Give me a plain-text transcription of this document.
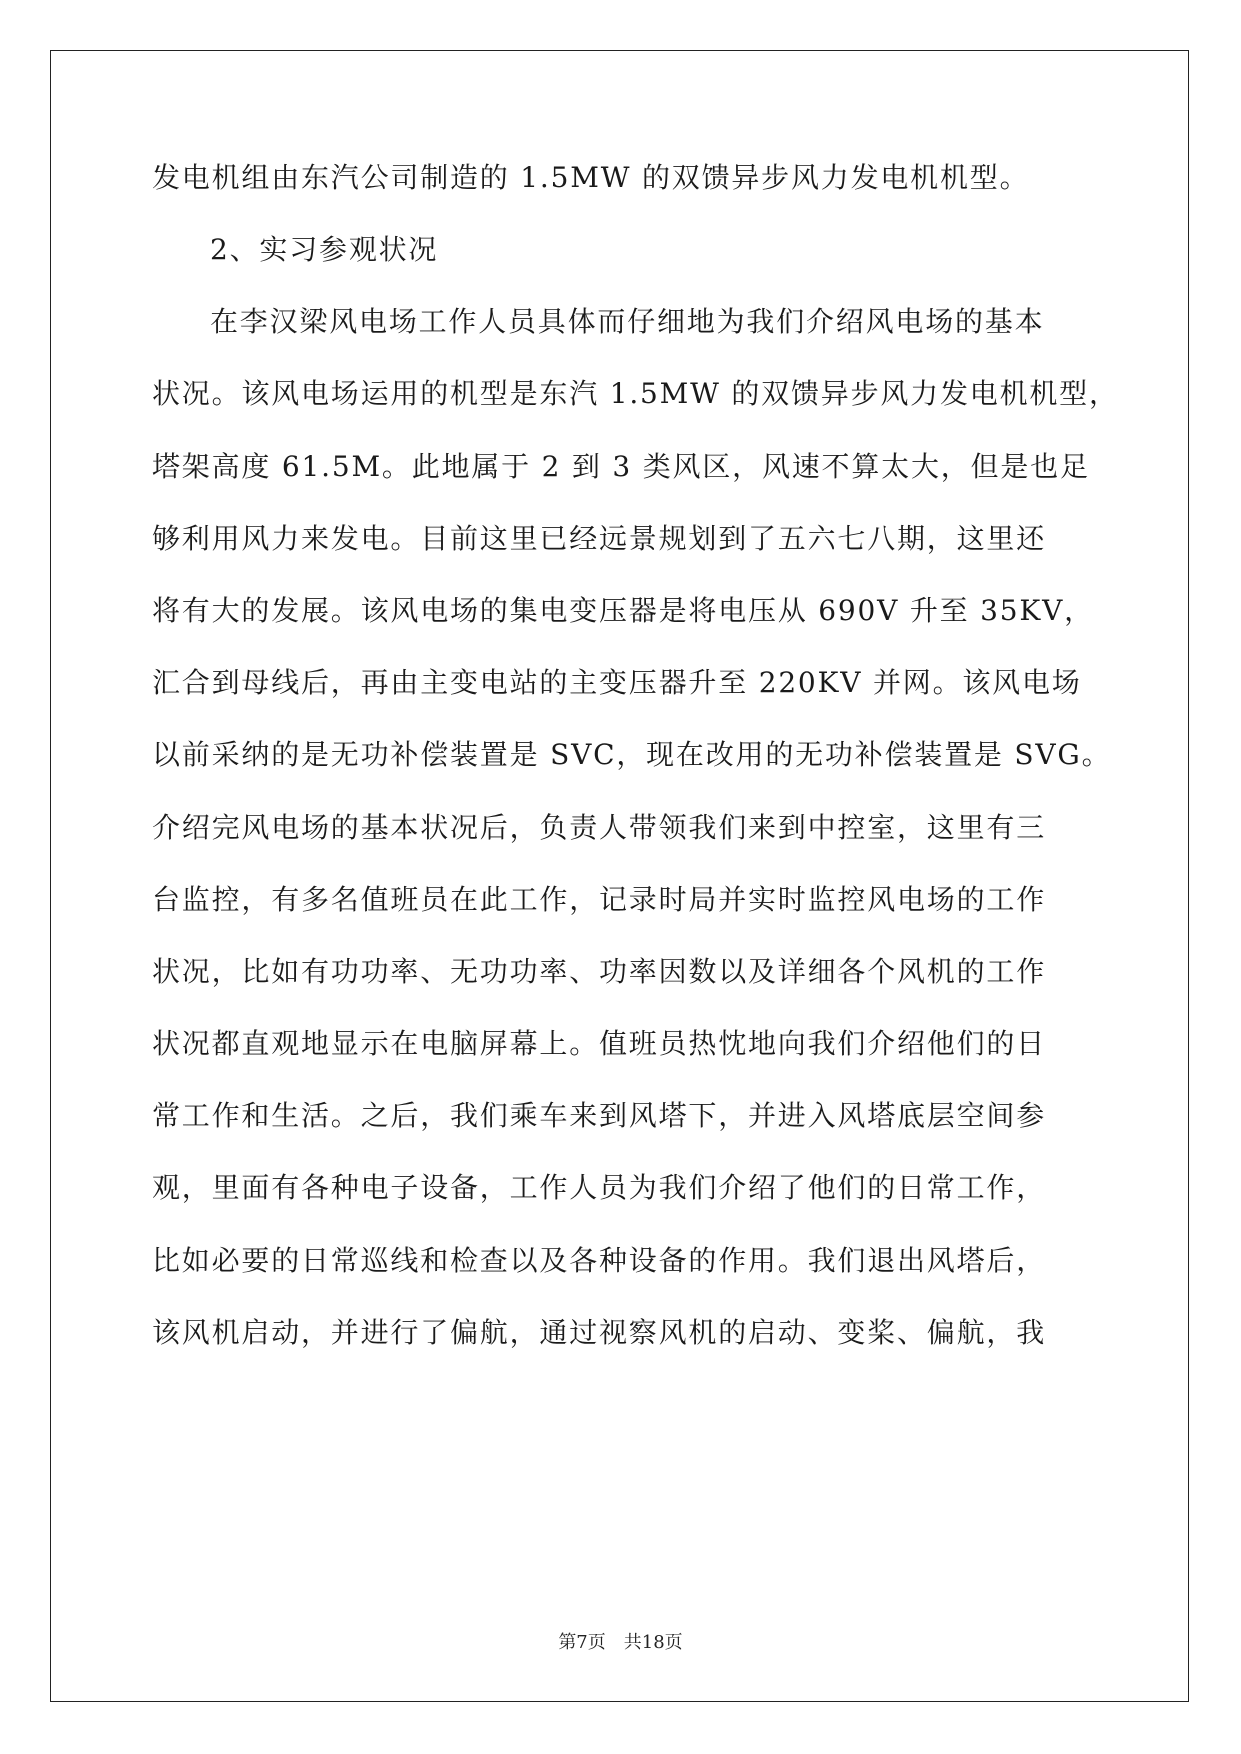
发电机组由东汽公司制造的 1.5MW 的双馈异步风力发电机机型。
2、实习参观状况
在李汉梁风电场工作人员具体而仔细地为我们介绍风电场的基本
状况。该风电场运用的机型是东汽 1.5MW 的双馈异步风力发电机机型，
塔架高度 61.5M。此地属于 2 到 3 类风区，风速不算太大，但是也足
够利用风力来发电。目前这里已经远景规划到了五六七八期，这里还
将有大的发展。该风电场的集电变压器是将电压从 690V 升至 35KV，
汇合到母线后，再由主变电站的主变压器升至 220KV 并网。该风电场
以前采纳的是无功补偿装置是 SVC，现在改用的无功补偿装置是 SVG。
介绍完风电场的基本状况后，负责人带领我们来到中控室，这里有三
台监控，有多名值班员在此工作，记录时局并实时监控风电场的工作
状况，比如有功功率、无功功率、功率因数以及详细各个风机的工作
状况都直观地显示在电脑屏幕上。值班员热忱地向我们介绍他们的日
常工作和生活。之后，我们乘车来到风塔下，并进入风塔底层空间参
观，里面有各种电子设备，工作人员为我们介绍了他们的日常工作，
比如必要的日常巡线和检查以及各种设备的作用。我们退出风塔后，
该风机启动，并进行了偏航，通过视察风机的启动、变桨、偏航，我
第7页 共18页
